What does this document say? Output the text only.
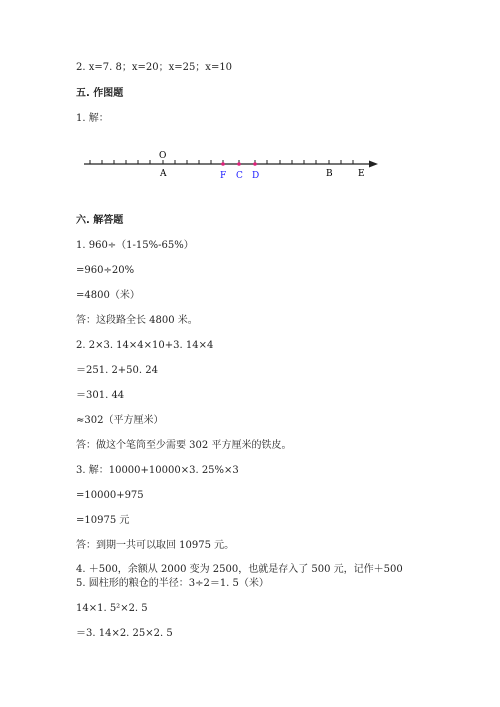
2. x=7. 8；x=20；x=25；x=10
五. 作图题
1. 解：
O
A	F C D	B	E
六. 解答题
1. 960÷（1-15%-65%）
=960÷20%
=4800（米）
答：这段路全长 4800 米。
2. 2×3. 14×4×10+3. 14×4
＝251. 2+50. 24
＝301. 44
≈302（平方厘米）
答：做这个笔筒至少需要 302 平方厘米的铁皮。
3. 解：10000+10000×3. 25%×3
=10000+975
=10975 元
答：到期一共可以取回 10975 元。
4. ＋500，余额从 2000 变为 2500，也就是存入了 500 元，记作＋500
5. 圆柱形的粮仓的半径：3÷2＝1. 5（米）
14×1. 5²×2. 5
＝3. 14×2. 25×2. 5
